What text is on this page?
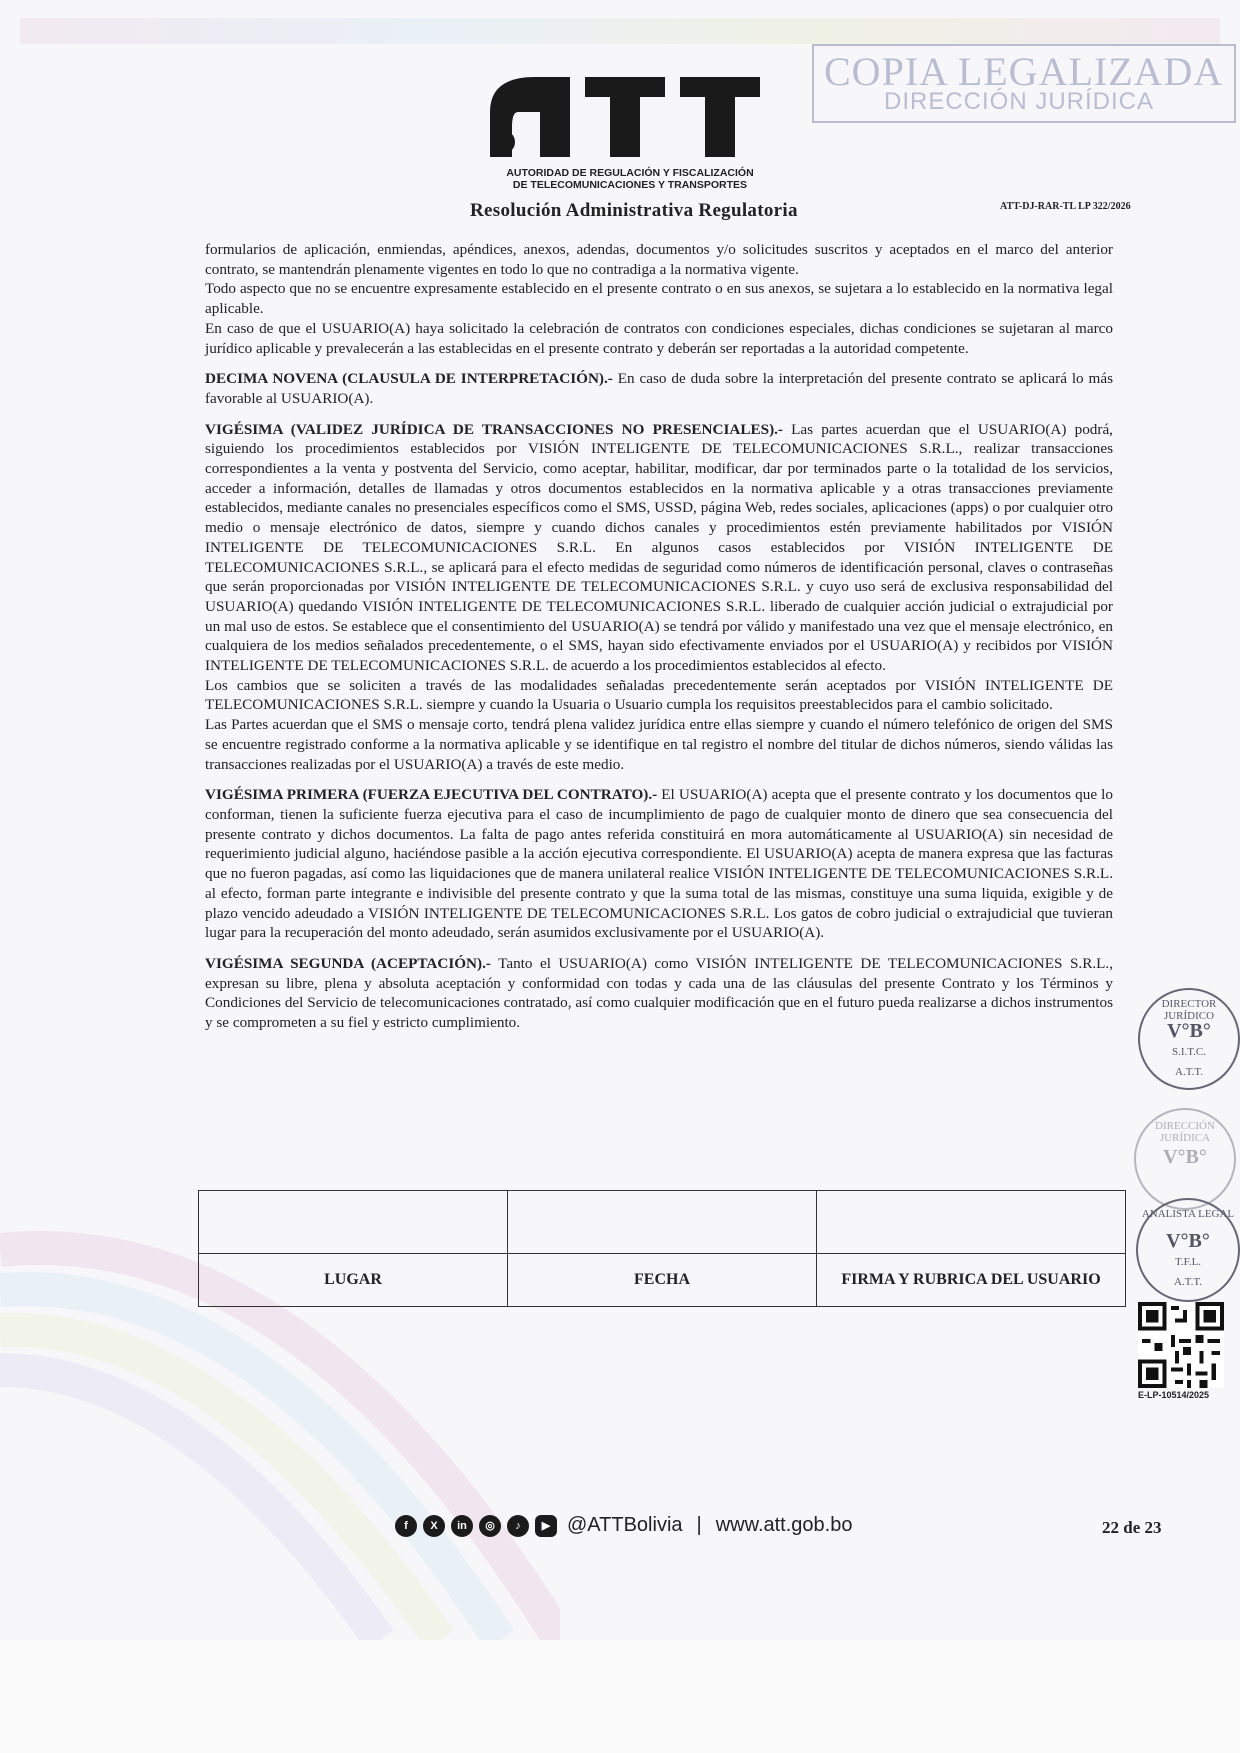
AUTORIDAD DE REGULACIÓN Y FISCALIZACIÓN
DE TELECOMUNICACIONES Y TRANSPORTES
Resolución Administrativa Regulatoria	ATT-DJ-RAR-TL LP 322/2026
COPIA LEGALIZADA
DIRECCIÓN JURÍDICA

formularios de aplicación, enmiendas, apéndices, anexos, adendas, documentos y/o solicitudes suscritos y aceptados en el marco del anterior contrato, se mantendrán plenamente vigentes en todo lo que no contradiga a la normativa vigente.

Todo aspecto que no se encuentre expresamente establecido en el presente contrato o en sus anexos, se sujetara a lo establecido en la normativa legal aplicable.

En caso de que el USUARIO(A) haya solicitado la celebración de contratos con condiciones especiales, dichas condiciones se sujetaran al marco jurídico aplicable y prevalecerán a las establecidas en el presente contrato y deberán ser reportadas a la autoridad competente.

DECIMA NOVENA (CLAUSULA DE INTERPRETACIÓN).- En caso de duda sobre la interpretación del presente contrato se aplicará lo más favorable al USUARIO(A).

VIGÉSIMA (VALIDEZ JURÍDICA DE TRANSACCIONES NO PRESENCIALES).- Las partes acuerdan que el USUARIO(A) podrá, siguiendo los procedimientos establecidos por VISIÓN INTELIGENTE DE TELECOMUNICACIONES S.R.L., realizar transacciones correspondientes a la venta y postventa del Servicio, como aceptar, habilitar, modificar, dar por terminados parte o la totalidad de los servicios, acceder a información, detalles de llamadas y otros documentos establecidos en la normativa aplicable y a otras transacciones previamente establecidos, mediante canales no presenciales específicos como el SMS, USSD, página Web, redes sociales, aplicaciones (apps) o por cualquier otro medio o mensaje electrónico de datos, siempre y cuando dichos canales y procedimientos estén previamente habilitados por VISIÓN INTELIGENTE DE TELECOMUNICACIONES S.R.L. En algunos casos establecidos por VISIÓN INTELIGENTE DE TELECOMUNICACIONES S.R.L., se aplicará para el efecto medidas de seguridad como números de identificación personal, claves o contraseñas que serán proporcionadas por VISIÓN INTELIGENTE DE TELECOMUNICACIONES S.R.L. y cuyo uso será de exclusiva responsabilidad del USUARIO(A) quedando VISIÓN INTELIGENTE DE TELECOMUNICACIONES S.R.L. liberado de cualquier acción judicial o extrajudicial por un mal uso de estos. Se establece que el consentimiento del USUARIO(A) se tendrá por válido y manifestado una vez que el mensaje electrónico, en cualquiera de los medios señalados precedentemente, o el SMS, hayan sido efectivamente enviados por el USUARIO(A) y recibidos por VISIÓN INTELIGENTE DE TELECOMUNICACIONES S.R.L. de acuerdo a los procedimientos establecidos al efecto.

Los cambios que se soliciten a través de las modalidades señaladas precedentemente serán aceptados por VISIÓN INTELIGENTE DE TELECOMUNICACIONES S.R.L. siempre y cuando la Usuaria o Usuario cumpla los requisitos preestablecidos para el cambio solicitado.

Las Partes acuerdan que el SMS o mensaje corto, tendrá plena validez jurídica entre ellas siempre y cuando el número telefónico de origen del SMS se encuentre registrado conforme a la normativa aplicable y se identifique en tal registro el nombre del titular de dichos números, siendo válidas las transacciones realizadas por el USUARIO(A) a través de este medio.

VIGÉSIMA PRIMERA (FUERZA EJECUTIVA DEL CONTRATO).- El USUARIO(A) acepta que el presente contrato y los documentos que lo conforman, tienen la suficiente fuerza ejecutiva para el caso de incumplimiento de pago de cualquier monto de dinero que sea consecuencia del presente contrato y dichos documentos. La falta de pago antes referida constituirá en mora automáticamente al USUARIO(A) sin necesidad de requerimiento judicial alguno, haciéndose pasible a la acción ejecutiva correspondiente. El USUARIO(A) acepta de manera expresa que las facturas que no fueron pagadas, así como las liquidaciones que de manera unilateral realice VISIÓN INTELIGENTE DE TELECOMUNICACIONES S.R.L. al efecto, forman parte integrante e indivisible del presente contrato y que la suma total de las mismas, constituye una suma liquida, exigible y de plazo vencido adeudado a VISIÓN INTELIGENTE DE TELECOMUNICACIONES S.R.L. Los gatos de cobro judicial o extrajudicial que tuvieran lugar para la recuperación del monto adeudado, serán asumidos exclusivamente por el USUARIO(A).

VIGÉSIMA SEGUNDA (ACEPTACIÓN).- Tanto el USUARIO(A) como VISIÓN INTELIGENTE DE TELECOMUNICACIONES S.R.L., expresan su libre, plena y absoluta aceptación y conformidad con todas y cada una de las cláusulas del presente Contrato y los Términos y Condiciones del Servicio de telecomunicaciones contratado, así como cualquier modificación que en el futuro pueda realizarse a dichos instrumentos y se comprometen a su fiel y estricto cumplimiento.

LUGAR	FECHA	FIRMA Y RUBRICA DEL USUARIO
DIRECTOR JURÍDICO
V°B°
S.I.T.C.
A.T.T.
DIRECCIÓN JURÍDICA
V°B°
ANALISTA LEGAL
V°B°
T.F.L.
A.T.T.
E-LP-10514/2025
f	X	in	◎	♪	▶ @ATTBolivia | www.att.gob.bo	22 de 23
